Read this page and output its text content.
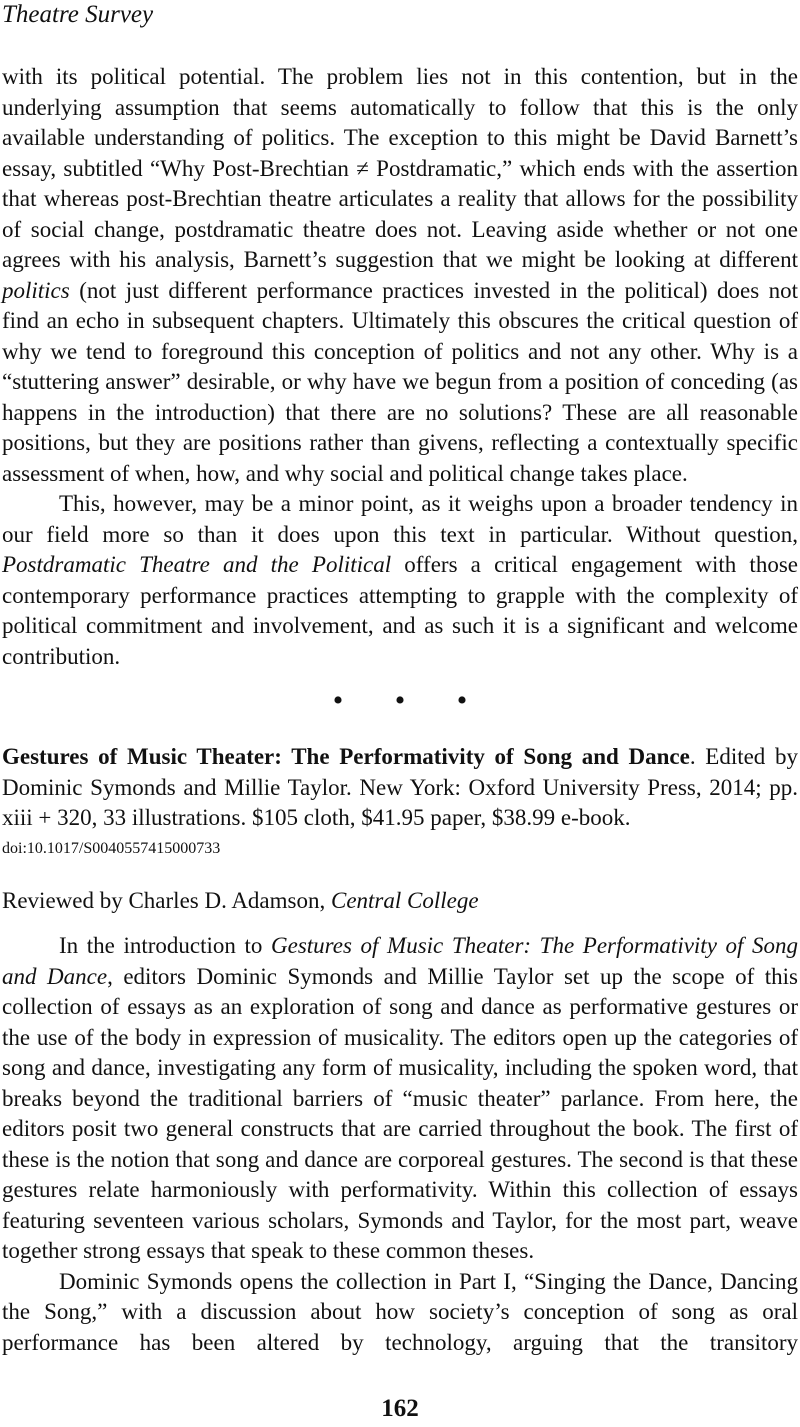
Theatre Survey

with its political potential. The problem lies not in this contention, but in the underlying assumption that seems automatically to follow that this is the only available understanding of politics. The exception to this might be David Barnett’s essay, subtitled “Why Post-Brechtian ≠ Postdramatic,” which ends with the assertion that whereas post-Brechtian theatre articulates a reality that allows for the possibility of social change, postdramatic theatre does not. Leaving aside whether or not one agrees with his analysis, Barnett’s suggestion that we might be looking at different politics (not just different performance practices invested in the political) does not find an echo in subsequent chapters. Ultimately this obscures the critical question of why we tend to foreground this conception of politics and not any other. Why is a “stuttering answer” desirable, or why have we begun from a position of conceding (as happens in the introduction) that there are no solutions? These are all reasonable positions, but they are positions rather than givens, reflecting a contextually specific assessment of when, how, and why social and political change takes place.

This, however, may be a minor point, as it weighs upon a broader tendency in our field more so than it does upon this text in particular. Without question, Postdramatic Theatre and the Political offers a critical engagement with those contemporary performance practices attempting to grapple with the complexity of political commitment and involvement, and as such it is a significant and welcome contribution.

• • •

Gestures of Music Theater: The Performativity of Song and Dance. Edited by Dominic Symonds and Millie Taylor. New York: Oxford University Press, 2014; pp. xiii + 320, 33 illustrations. $105 cloth, $41.95 paper, $38.99 e-book.

doi:10.1017/S0040557415000733

Reviewed by Charles D. Adamson, Central College

In the introduction to Gestures of Music Theater: The Performativity of Song and Dance, editors Dominic Symonds and Millie Taylor set up the scope of this collection of essays as an exploration of song and dance as performative gestures or the use of the body in expression of musicality. The editors open up the categories of song and dance, investigating any form of musicality, including the spoken word, that breaks beyond the traditional barriers of “music theater” parlance. From here, the editors posit two general constructs that are carried throughout the book. The first of these is the notion that song and dance are corporeal gestures. The second is that these gestures relate harmoniously with performativity. Within this collection of essays featuring seventeen various scholars, Symonds and Taylor, for the most part, weave together strong essays that speak to these common theses.

Dominic Symonds opens the collection in Part I, “Singing the Dance, Dancing the Song,” with a discussion about how society’s conception of song as oral performance has been altered by technology, arguing that the transitory

162
